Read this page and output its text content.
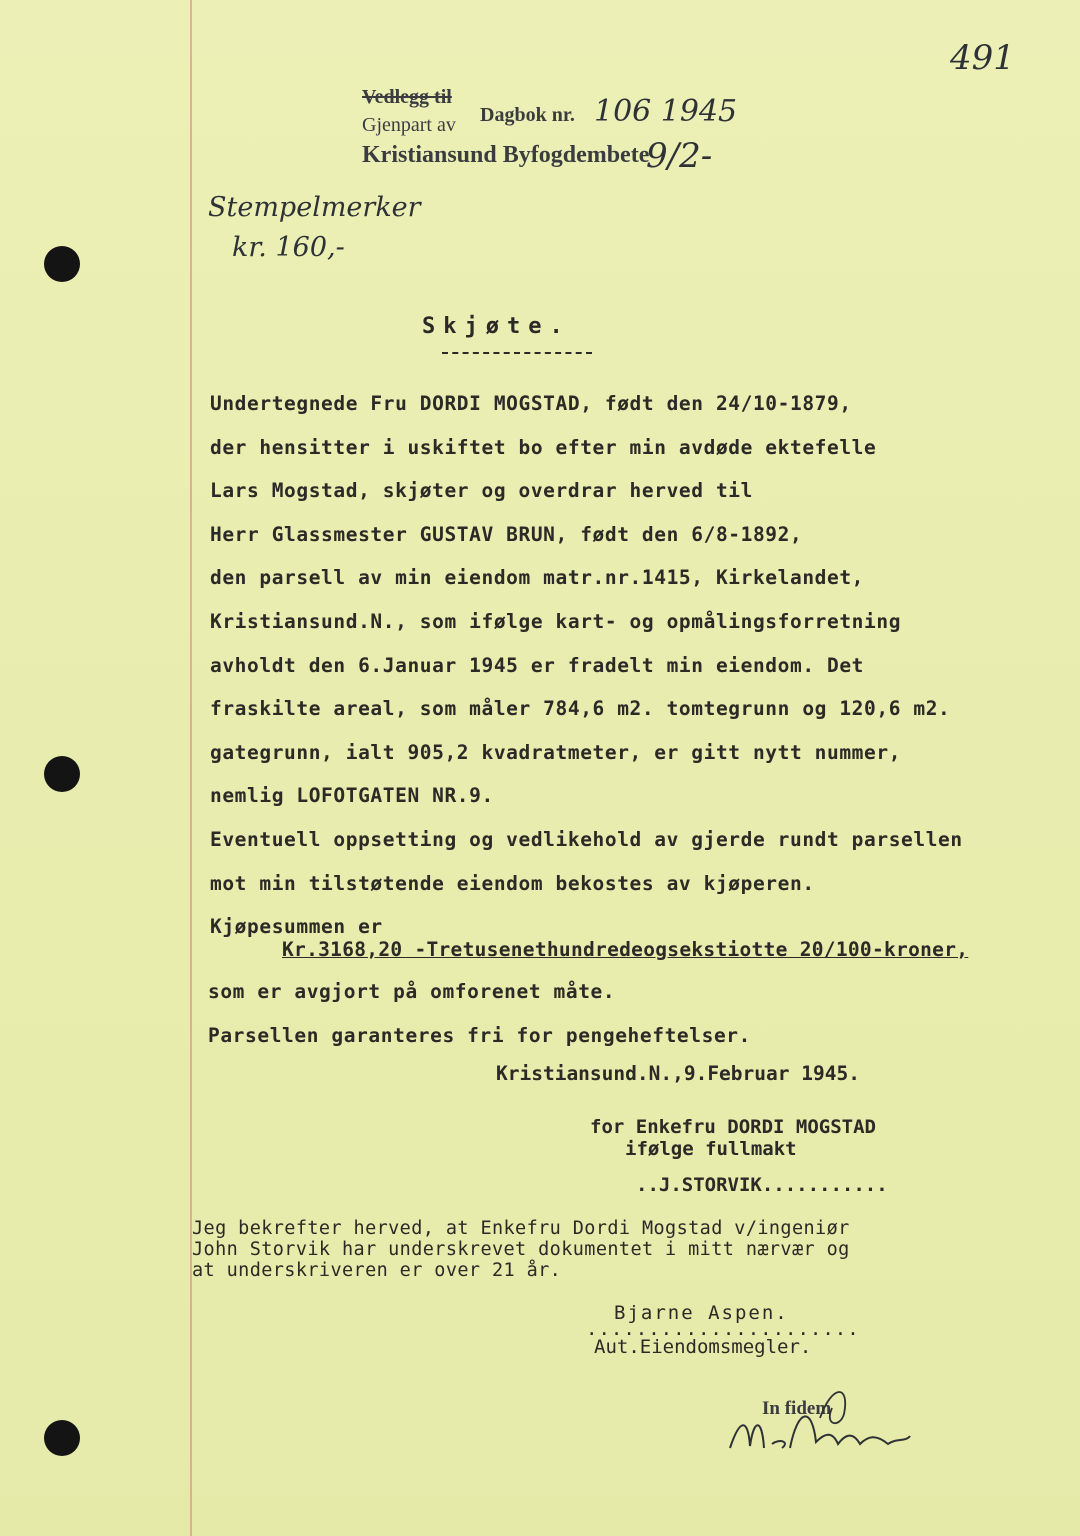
491
Vedlegg til
Dagbok nr.
Gjenpart av
Kristiansund Byfogdembete
106 1945
9/2-
Stempelmerker
kr. 160,-
Skjøte.
Undertegnede Fru DORDI MOGSTAD, født den 24/10-1879,
der hensitter i uskiftet bo efter min avdøde ektefelle
Lars Mogstad, skjøter og overdrar herved til
Herr Glassmester GUSTAV BRUN, født den 6/8-1892,
den parsell av min eiendom matr.nr.1415, Kirkelandet,
Kristiansund.N., som ifølge kart- og opmålingsforretning
avholdt den 6.Januar 1945 er fradelt min eiendom. Det
fraskilte areal, som måler 784,6 m2. tomtegrunn og 120,6 m2.
gategrunn, ialt 905,2 kvadratmeter, er gitt nytt nummer,
nemlig LOFOTGATEN NR.9.
Eventuell oppsetting og vedlikehold av gjerde rundt parsellen
mot min tilstøtende eiendom bekostes av kjøperen.
Kjøpesummen er
Kr.3168,20 -Tretusenethundredeogsekstiotte 20/100-kroner,
som er avgjort på omforenet måte.
Parsellen garanteres fri for pengeheftelser.
Kristiansund.N.,9.Februar 1945.
for Enkefru DORDI MOGSTAD
ifølge fullmakt
..J.STORVIK...........
Jeg bekrefter herved, at Enkefru Dordi Mogstad v/ingeniør
John Storvik har underskrevet dokumentet i mitt nærvær og
at underskriveren er over 21 år.
Bjarne Aspen.
......................
Aut.Eiendomsmegler.
In fidem
